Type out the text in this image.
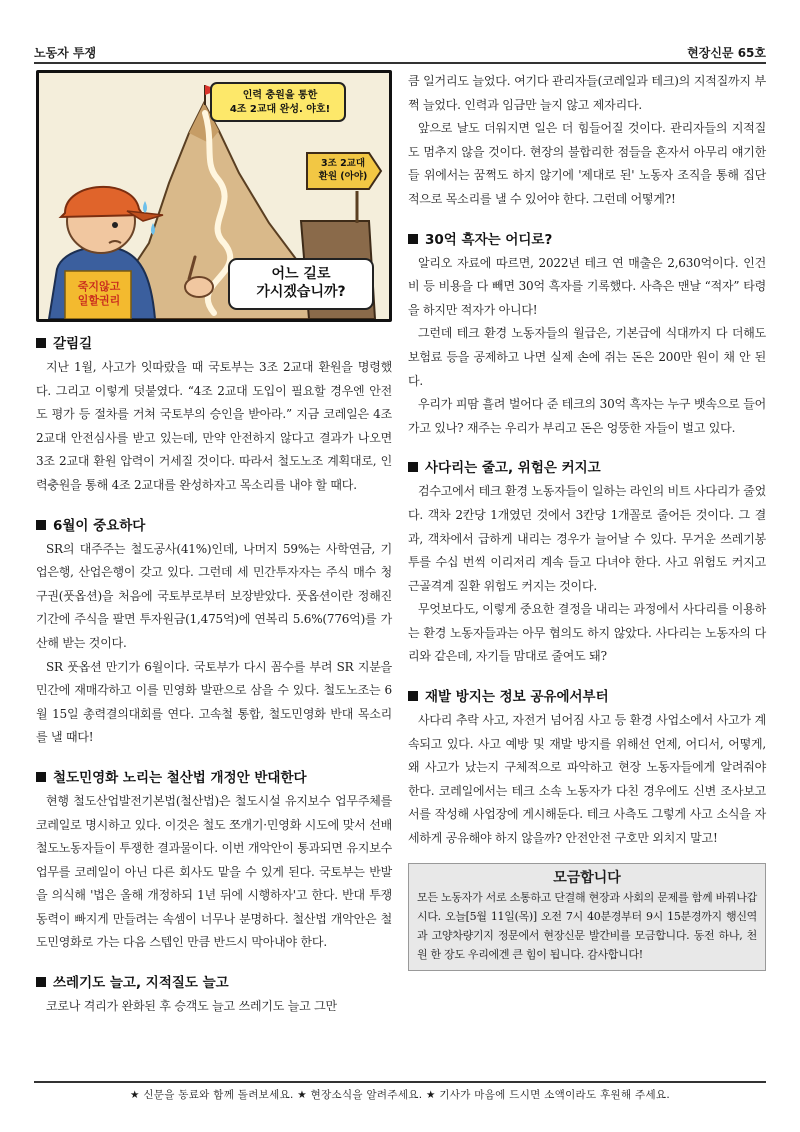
노동자 투쟁	현장신문 65호
인력 충원을 통한
4조 2교대 완성. 야호!
3조 2교대
환원 (아야)
어느 길로
가시겠습니까?
죽지않고
일할권리
갈림길

지난 1월, 사고가 잇따랐을 때 국토부는 3조 2교대 환원을 명령했다. 그리고 이렇게 덧붙였다. “4조 2교대 도입이 필요할 경우엔 안전도 평가 등 절차를 거쳐 국토부의 승인을 받아라.” 지금 코레일은 4조 2교대 안전심사를 받고 있는데, 만약 안전하지 않다고 결과가 나오면 3조 2교대 환원 압력이 거세질 것이다. 따라서 철도노조 계획대로, 인력충원을 통해 4조 2교대를 완성하자고 목소리를 내야 할 때다.

6월이 중요하다

SR의 대주주는 철도공사(41%)인데, 나머지 59%는 사학연금, 기업은행, 산업은행이 갖고 있다. 그런데 세 민간투자자는 주식 매수 청구권(풋옵션)을 처음에 국토부로부터 보장받았다. 풋옵션이란 정해진 기간에 주식을 팔면 투자원금(1,475억)에 연복리 5.6%(776억)를 가산해 받는 것이다.

SR 풋옵션 만기가 6월이다. 국토부가 다시 꼼수를 부려 SR 지분을 민간에 재매각하고 이를 민영화 발판으로 삼을 수 있다. 철도노조는 6월 15일 총력결의대회를 연다. 고속철 통합, 철도민영화 반대 목소리를 낼 때다!

철도민영화 노리는 철산법 개정안 반대한다

현행 철도산업발전기본법(철산법)은 철도시설 유지보수 업무주체를 코레일로 명시하고 있다. 이것은 철도 쪼개기·민영화 시도에 맞서 선배 철도노동자들이 투쟁한 결과물이다. 이번 개악안이 통과되면 유지보수 업무를 코레일이 아닌 다른 회사도 맡을 수 있게 된다. 국토부는 반발을 의식해 '법은 올해 개정하되 1년 뒤에 시행하자'고 한다. 반대 투쟁 동력이 빠지게 만들려는 속셈이 너무나 분명하다. 철산법 개악안은 철도민영화로 가는 다음 스텝인 만큼 반드시 막아내야 한다.

쓰레기도 늘고, 지적질도 늘고

코로나 격리가 완화된 후 승객도 늘고 쓰레기도 늘고 그만

큼 일거리도 늘었다. 여기다 관리자들(코레일과 테크)의 지적질까지 부쩍 늘었다. 인력과 임금만 늘지 않고 제자리다.

앞으로 날도 더워지면 일은 더 힘들어질 것이다. 관리자들의 지적질도 멈추지 않을 것이다. 현장의 불합리한 점들을 혼자서 아무리 얘기한들 위에서는 꿈쩍도 하지 않기에 '제대로 된' 노동자 조직을 통해 집단적으로 목소리를 낼 수 있어야 한다. 그런데 어떻게?!

30억 흑자는 어디로?

알리오 자료에 따르면, 2022년 테크 연 매출은 2,630억이다. 인건비 등 비용을 다 빼면 30억 흑자를 기록했다. 사측은 맨날 “적자” 타령을 하지만 적자가 아니다!

그런데 테크 환경 노동자들의 월급은, 기본급에 식대까지 다 더해도 보험료 등을 공제하고 나면 실제 손에 쥐는 돈은 200만 원이 채 안 된다.

우리가 피땀 흘려 벌어다 준 테크의 30억 흑자는 누구 뱃속으로 들어가고 있나? 재주는 우리가 부리고 돈은 엉뚱한 자들이 벌고 있다.

사다리는 줄고, 위험은 커지고

검수고에서 테크 환경 노동자들이 일하는 라인의 비트 사다리가 줄었다. 객차 2칸당 1개였던 것에서 3칸당 1개꼴로 줄어든 것이다. 그 결과, 객차에서 급하게 내리는 경우가 늘어날 수 있다. 무거운 쓰레기봉투를 수십 번씩 이리저리 계속 들고 다녀야 한다. 사고 위험도 커지고 근골격계 질환 위험도 커지는 것이다.

무엇보다도, 이렇게 중요한 결정을 내리는 과정에서 사다리를 이용하는 환경 노동자들과는 아무 협의도 하지 않았다. 사다리는 노동자의 다리와 같은데, 자기들 맘대로 줄여도 돼?

재발 방지는 정보 공유에서부터

사다리 추락 사고, 자전거 넘어짐 사고 등 환경 사업소에서 사고가 계속되고 있다. 사고 예방 및 재발 방지를 위해선 언제, 어디서, 어떻게, 왜 사고가 났는지 구체적으로 파악하고 현장 노동자들에게 알려줘야 한다. 코레일에서는 테크 소속 노동자가 다친 경우에도 신변 조사보고서를 작성해 사업장에 게시해둔다. 테크 사측도 그렇게 사고 소식을 자세하게 공유해야 하지 않을까? 안전안전 구호만 외치지 말고!

모금합니다
모든 노동자가 서로 소통하고 단결해 현장과 사회의 문제를 함께 바꿔나갑시다. 오늘[5월 11일(목)] 오전 7시 40분경부터 9시 15분경까지 행신역과 고양차량기지 정문에서 현장신문 발간비를 모금합니다. 동전 하나, 천 원 한 장도 우리에겐 큰 힘이 됩니다. 감사합니다!
★ 신문을 동료와 함께 돌려보세요. ★ 현장소식을 알려주세요. ★ 기사가 마음에 드시면 소액이라도 후원해 주세요.
